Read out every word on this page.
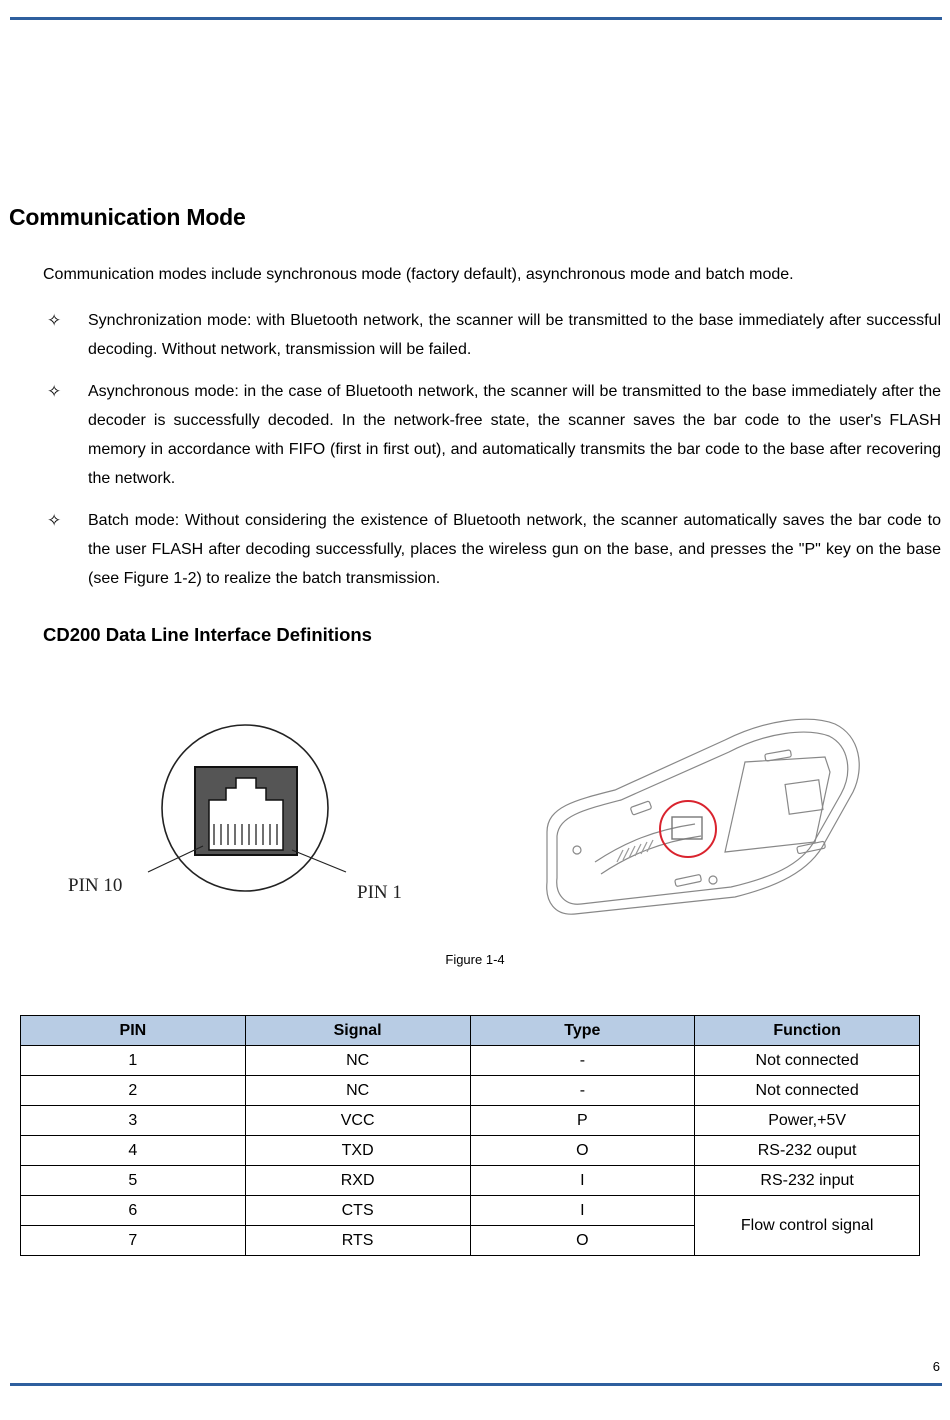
Communication Mode

Communication modes include synchronous mode (factory default), asynchronous mode and batch mode.

✧ Synchronization mode: with Bluetooth network, the scanner will be transmitted to the base immediately after successful decoding. Without network, transmission will be failed.
✧ Asynchronous mode: in the case of Bluetooth network, the scanner will be transmitted to the base immediately after the decoder is successfully decoded. In the network-free state, the scanner saves the bar code to the user's FLASH memory in accordance with FIFO (first in first out), and automatically transmits the bar code to the base after recovering the network.
✧ Batch mode: Without considering the existence of Bluetooth network, the scanner automatically saves the bar code to the user FLASH after decoding successfully, places the wireless gun on the base, and presses the "P" key on the base (see Figure 1-2) to realize the batch transmission.
CD200 Data Line Interface Definitions
PIN 10	PIN 1

Figure 1-4

PIN	Signal	Type	Function
1	NC	-	Not connected
2	NC	-	Not connected
3	VCC	P	Power,+5V
4	TXD	O	RS-232 ouput
5	RXD	I	RS-232 input
6	CTS	I	Flow control signal
7	RTS	O	
6
